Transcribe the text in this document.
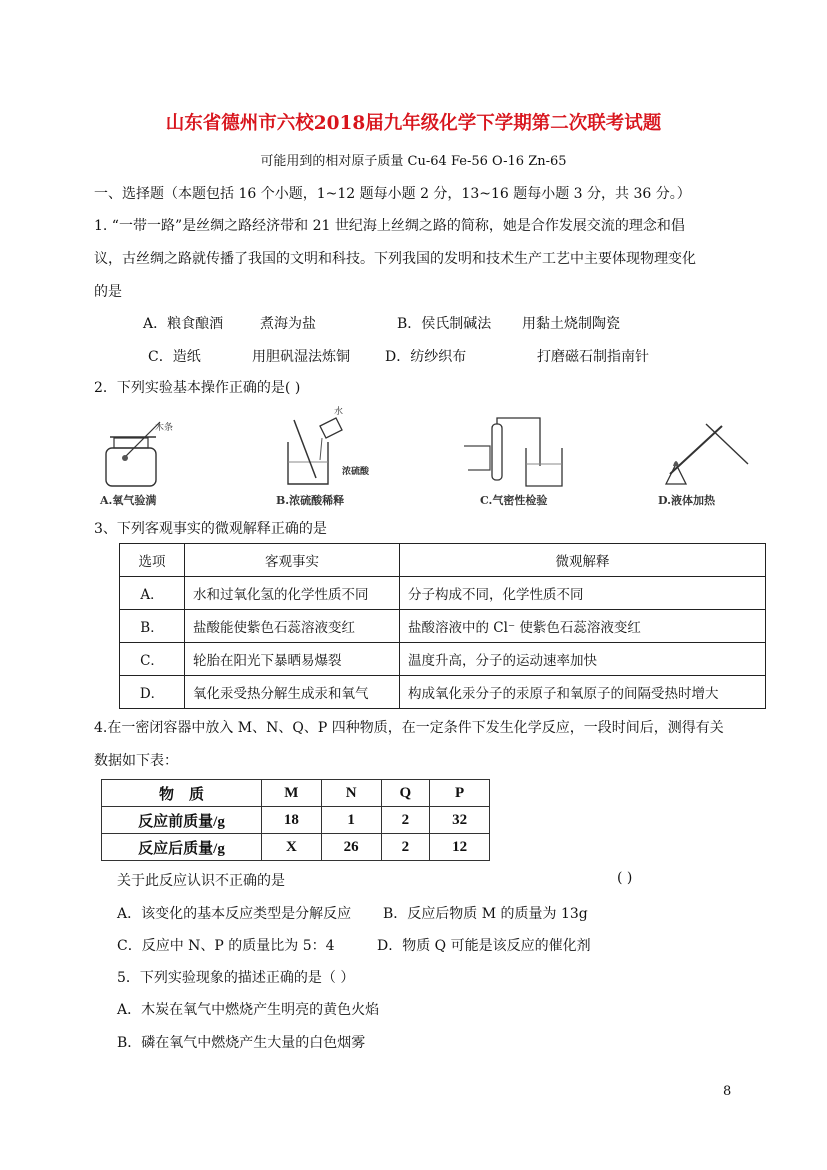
山东省德州市六校2018届九年级化学下学期第二次联考试题
可能用到的相对原子质量 Cu-64 Fe-56 O-16 Zn-65
一、选择题（本题包括 16 个小题，1~12 题每小题 2 分，13~16 题每小题 3 分，共 36 分。）
1. “一带一路”是丝绸之路经济带和 21 世纪海上丝绸之路的简称，她是合作发展交流的理念和倡
议，古丝绸之路就传播了我国的文明和科技。下列我国的发明和技术生产工艺中主要体现物理变化
的是
A．粮食酿酒	煮海为盐	B．侯氏制碱法 用黏土烧制陶瓷
C．造纸	用胆矾湿法炼铜	D．纺纱织布	打磨磁石制指南针
2．下列实验基本操作正确的是( )
木条
A.氧气验满
水
浓硫酸
B.浓硫酸稀释	C.气密性检验	D.液体加热
3、下列客观事实的微观解释正确的是
选项	客观事实	微观解释
A．	水和过氧化氢的化学性质不同	分子构成不同，化学性质不同
B．	盐酸能使紫色石蕊溶液变红	盐酸溶液中的 Cl⁻ 使紫色石蕊溶液变红
C．	轮胎在阳光下暴晒易爆裂	温度升高，分子的运动速率加快
D．	氧化汞受热分解生成汞和氧气	构成氧化汞分子的汞原子和氧原子的间隔受热时增大
4.在一密闭容器中放入 M、N、Q、P 四种物质，在一定条件下发生化学反应，一段时间后，测得有关
数据如下表：
物　质	M	N	Q	P
反应前质量/g	18	1	2	32
反应后质量/g	X	26	2	12
关于此反应认识不正确的是	( )
A．该变化的基本反应类型是分解反应 B．反应后物质 M 的质量为 13g
C．反应中 N、P 的质量比为 5：4	D．物质 Q 可能是该反应的催化剂
5．下列实验现象的描述正确的是（ ）
A．木炭在氧气中燃烧产生明亮的黄色火焰
B．磷在氧气中燃烧产生大量的白色烟雾
8
